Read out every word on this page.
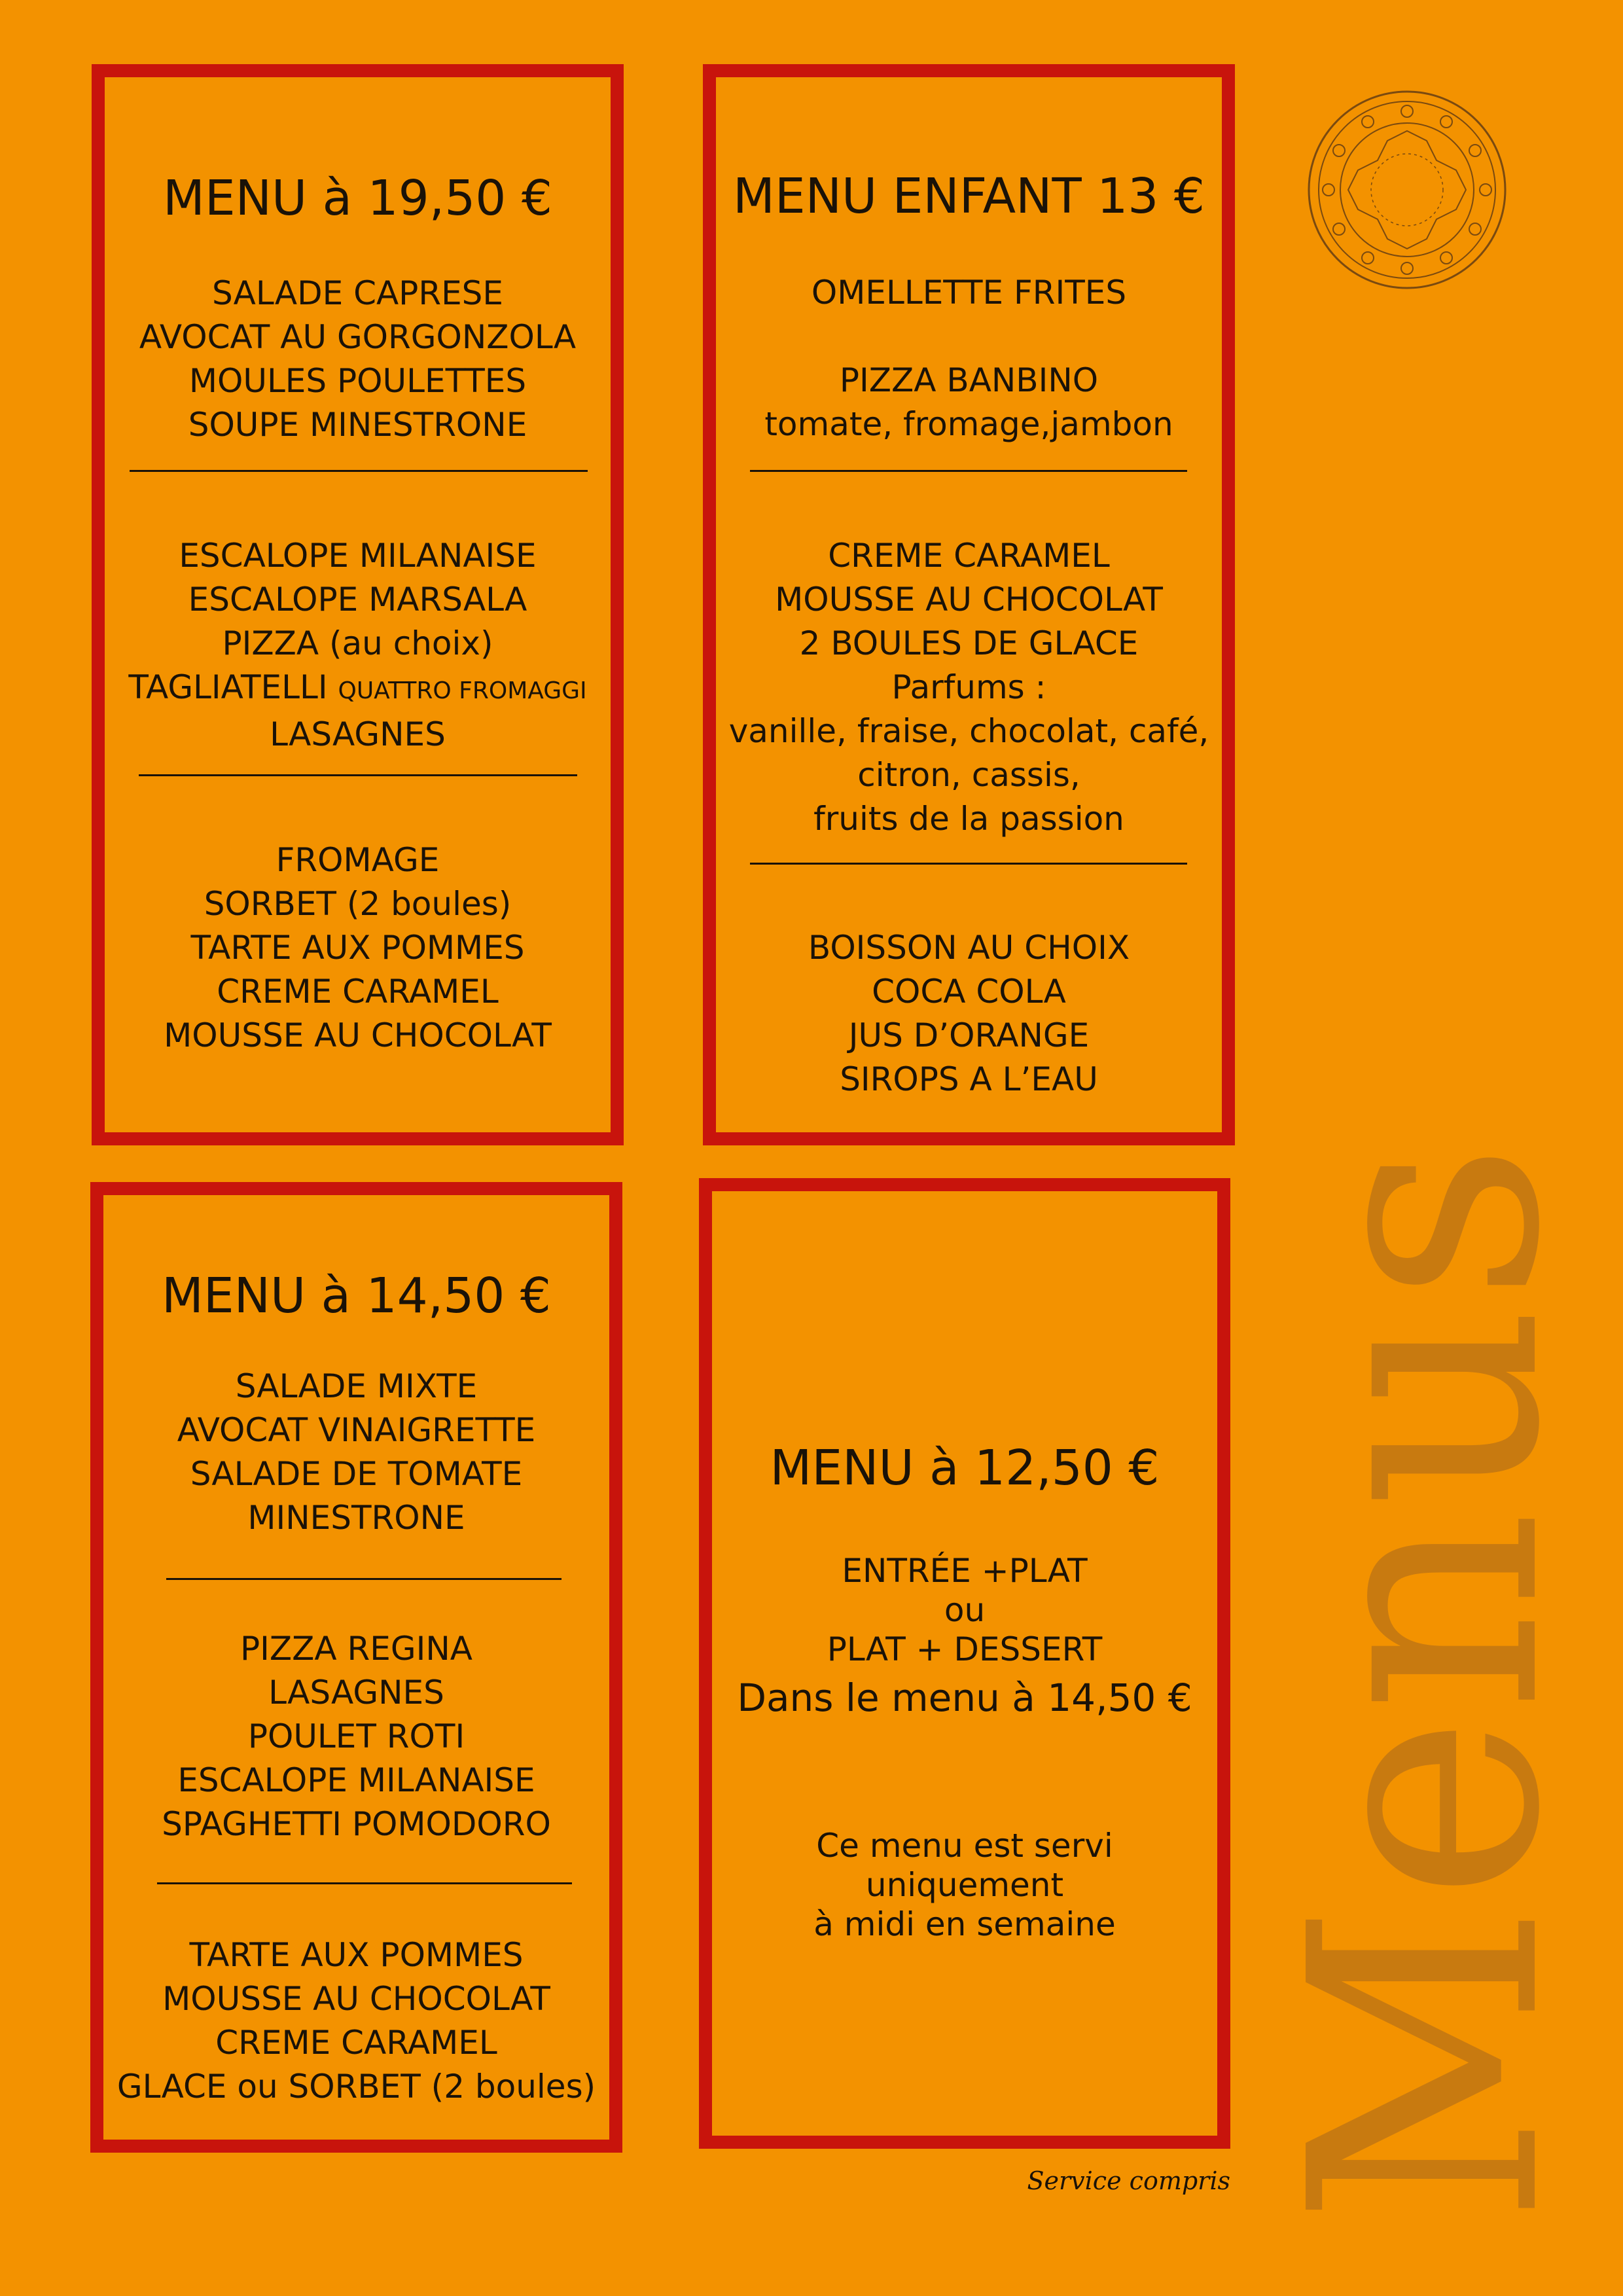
MENU à 19,50 €
SALADE CAPRESE
AVOCAT AU GORGONZOLA
MOULES POULETTES
SOUPE MINESTRONE
ESCALOPE MILANAISE
ESCALOPE MARSALA
PIZZA (au choix)
TAGLIATELLI QUATTRO FROMAGGI
LASAGNES
FROMAGE
SORBET (2 boules)
TARTE AUX POMMES
CREME CARAMEL
MOUSSE AU CHOCOLAT
MENU ENFANT 13 €
OMELLETTE FRITES
PIZZA BANBINO
tomate, fromage,jambon
CREME CARAMEL
MOUSSE AU CHOCOLAT
2 BOULES DE GLACE
Parfums :
vanille, fraise, chocolat, café,
citron, cassis,
fruits de la passion
BOISSON AU CHOIX
COCA COLA
JUS D’ORANGE
SIROPS A L’EAU
MENU à 14,50 €
SALADE MIXTE
AVOCAT VINAIGRETTE
SALADE DE TOMATE
MINESTRONE
PIZZA REGINA
LASAGNES
POULET ROTI
ESCALOPE MILANAISE
SPAGHETTI POMODORO
TARTE AUX POMMES
MOUSSE AU CHOCOLAT
CREME CARAMEL
GLACE ou SORBET (2 boules)
MENU à 12,50 €
ENTRÉE +PLAT
ou
PLAT + DESSERT
Dans le menu à 14,50 €
Ce menu est servi
uniquement
à midi en semaine Menus
Service compris
